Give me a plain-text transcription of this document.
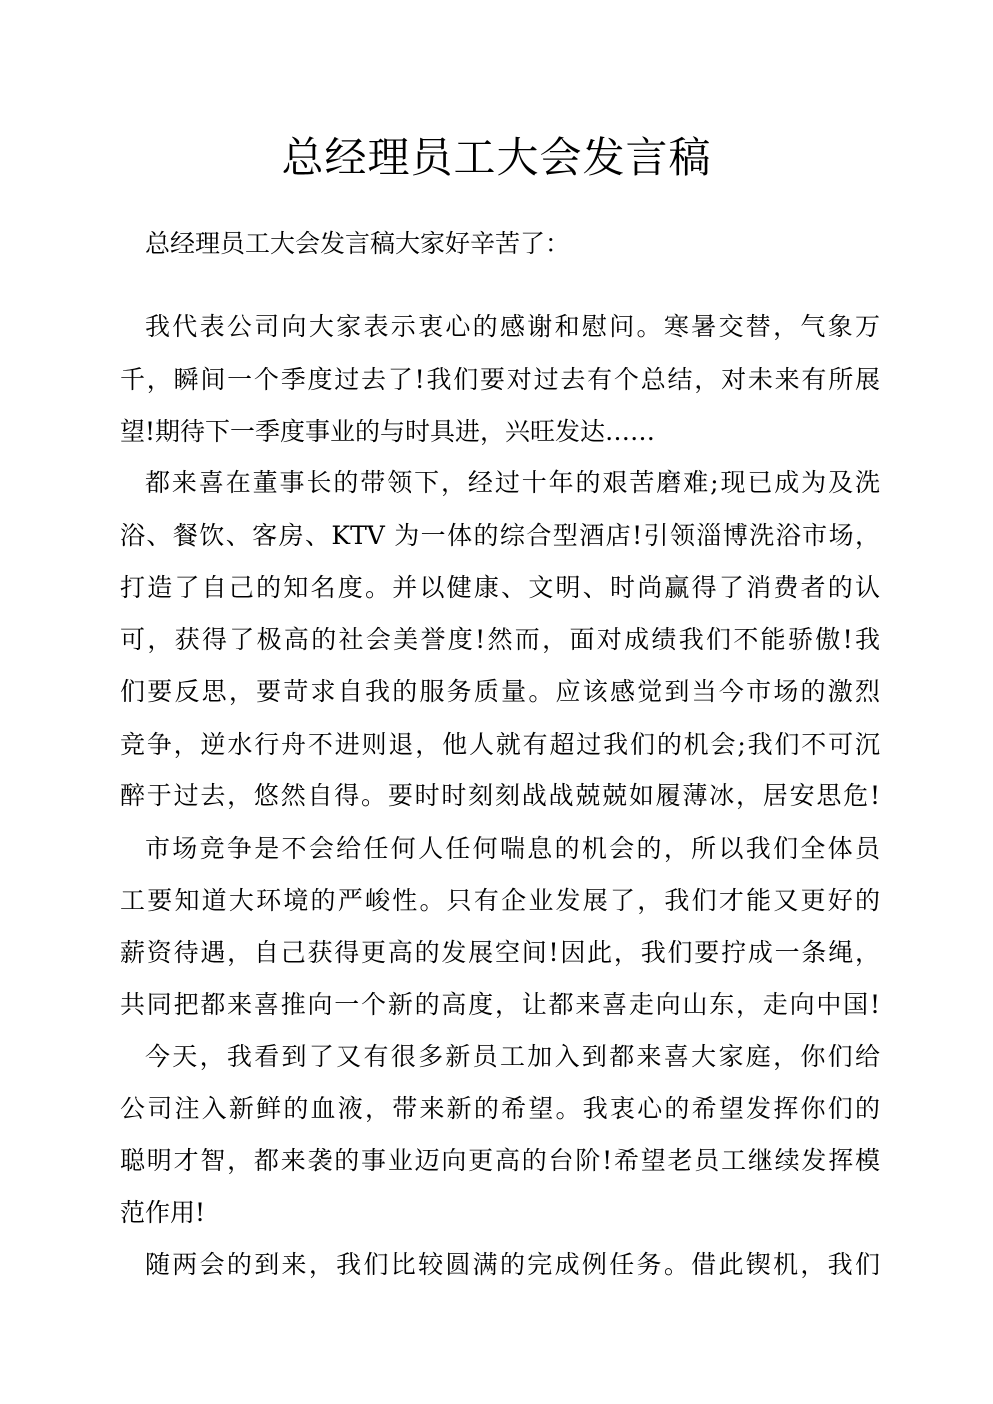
总经理员工大会发言稿
总经理员工大会发言稿大家好辛苦了：
我代表公司向大家表示衷心的感谢和慰问。寒暑交替，气象万
千，瞬间一个季度过去了!我们要对过去有个总结，对未来有所展
望!期待下一季度事业的与时具进，兴旺发达……
都来喜在董事长的带领下，经过十年的艰苦磨难;现已成为及洗
浴、餐饮、客房、KTV 为一体的综合型酒店!引领淄博洗浴市场，
打造了自己的知名度。并以健康、文明、时尚赢得了消费者的认
可，获得了极高的社会美誉度!然而，面对成绩我们不能骄傲!我
们要反思，要苛求自我的服务质量。应该感觉到当今市场的激烈
竞争，逆水行舟不进则退，他人就有超过我们的机会;我们不可沉
醉于过去，悠然自得。要时时刻刻战战兢兢如履薄冰，居安思危!
市场竞争是不会给任何人任何喘息的机会的，所以我们全体员
工要知道大环境的严峻性。只有企业发展了，我们才能又更好的
薪资待遇，自己获得更高的发展空间!因此，我们要拧成一条绳，
共同把都来喜推向一个新的高度，让都来喜走向山东，走向中国!
今天，我看到了又有很多新员工加入到都来喜大家庭，你们给
公司注入新鲜的血液，带来新的希望。我衷心的希望发挥你们的
聪明才智，都来袭的事业迈向更高的台阶!希望老员工继续发挥模
范作用!
随两会的到来，我们比较圆满的完成例任务。借此锲机，我们
